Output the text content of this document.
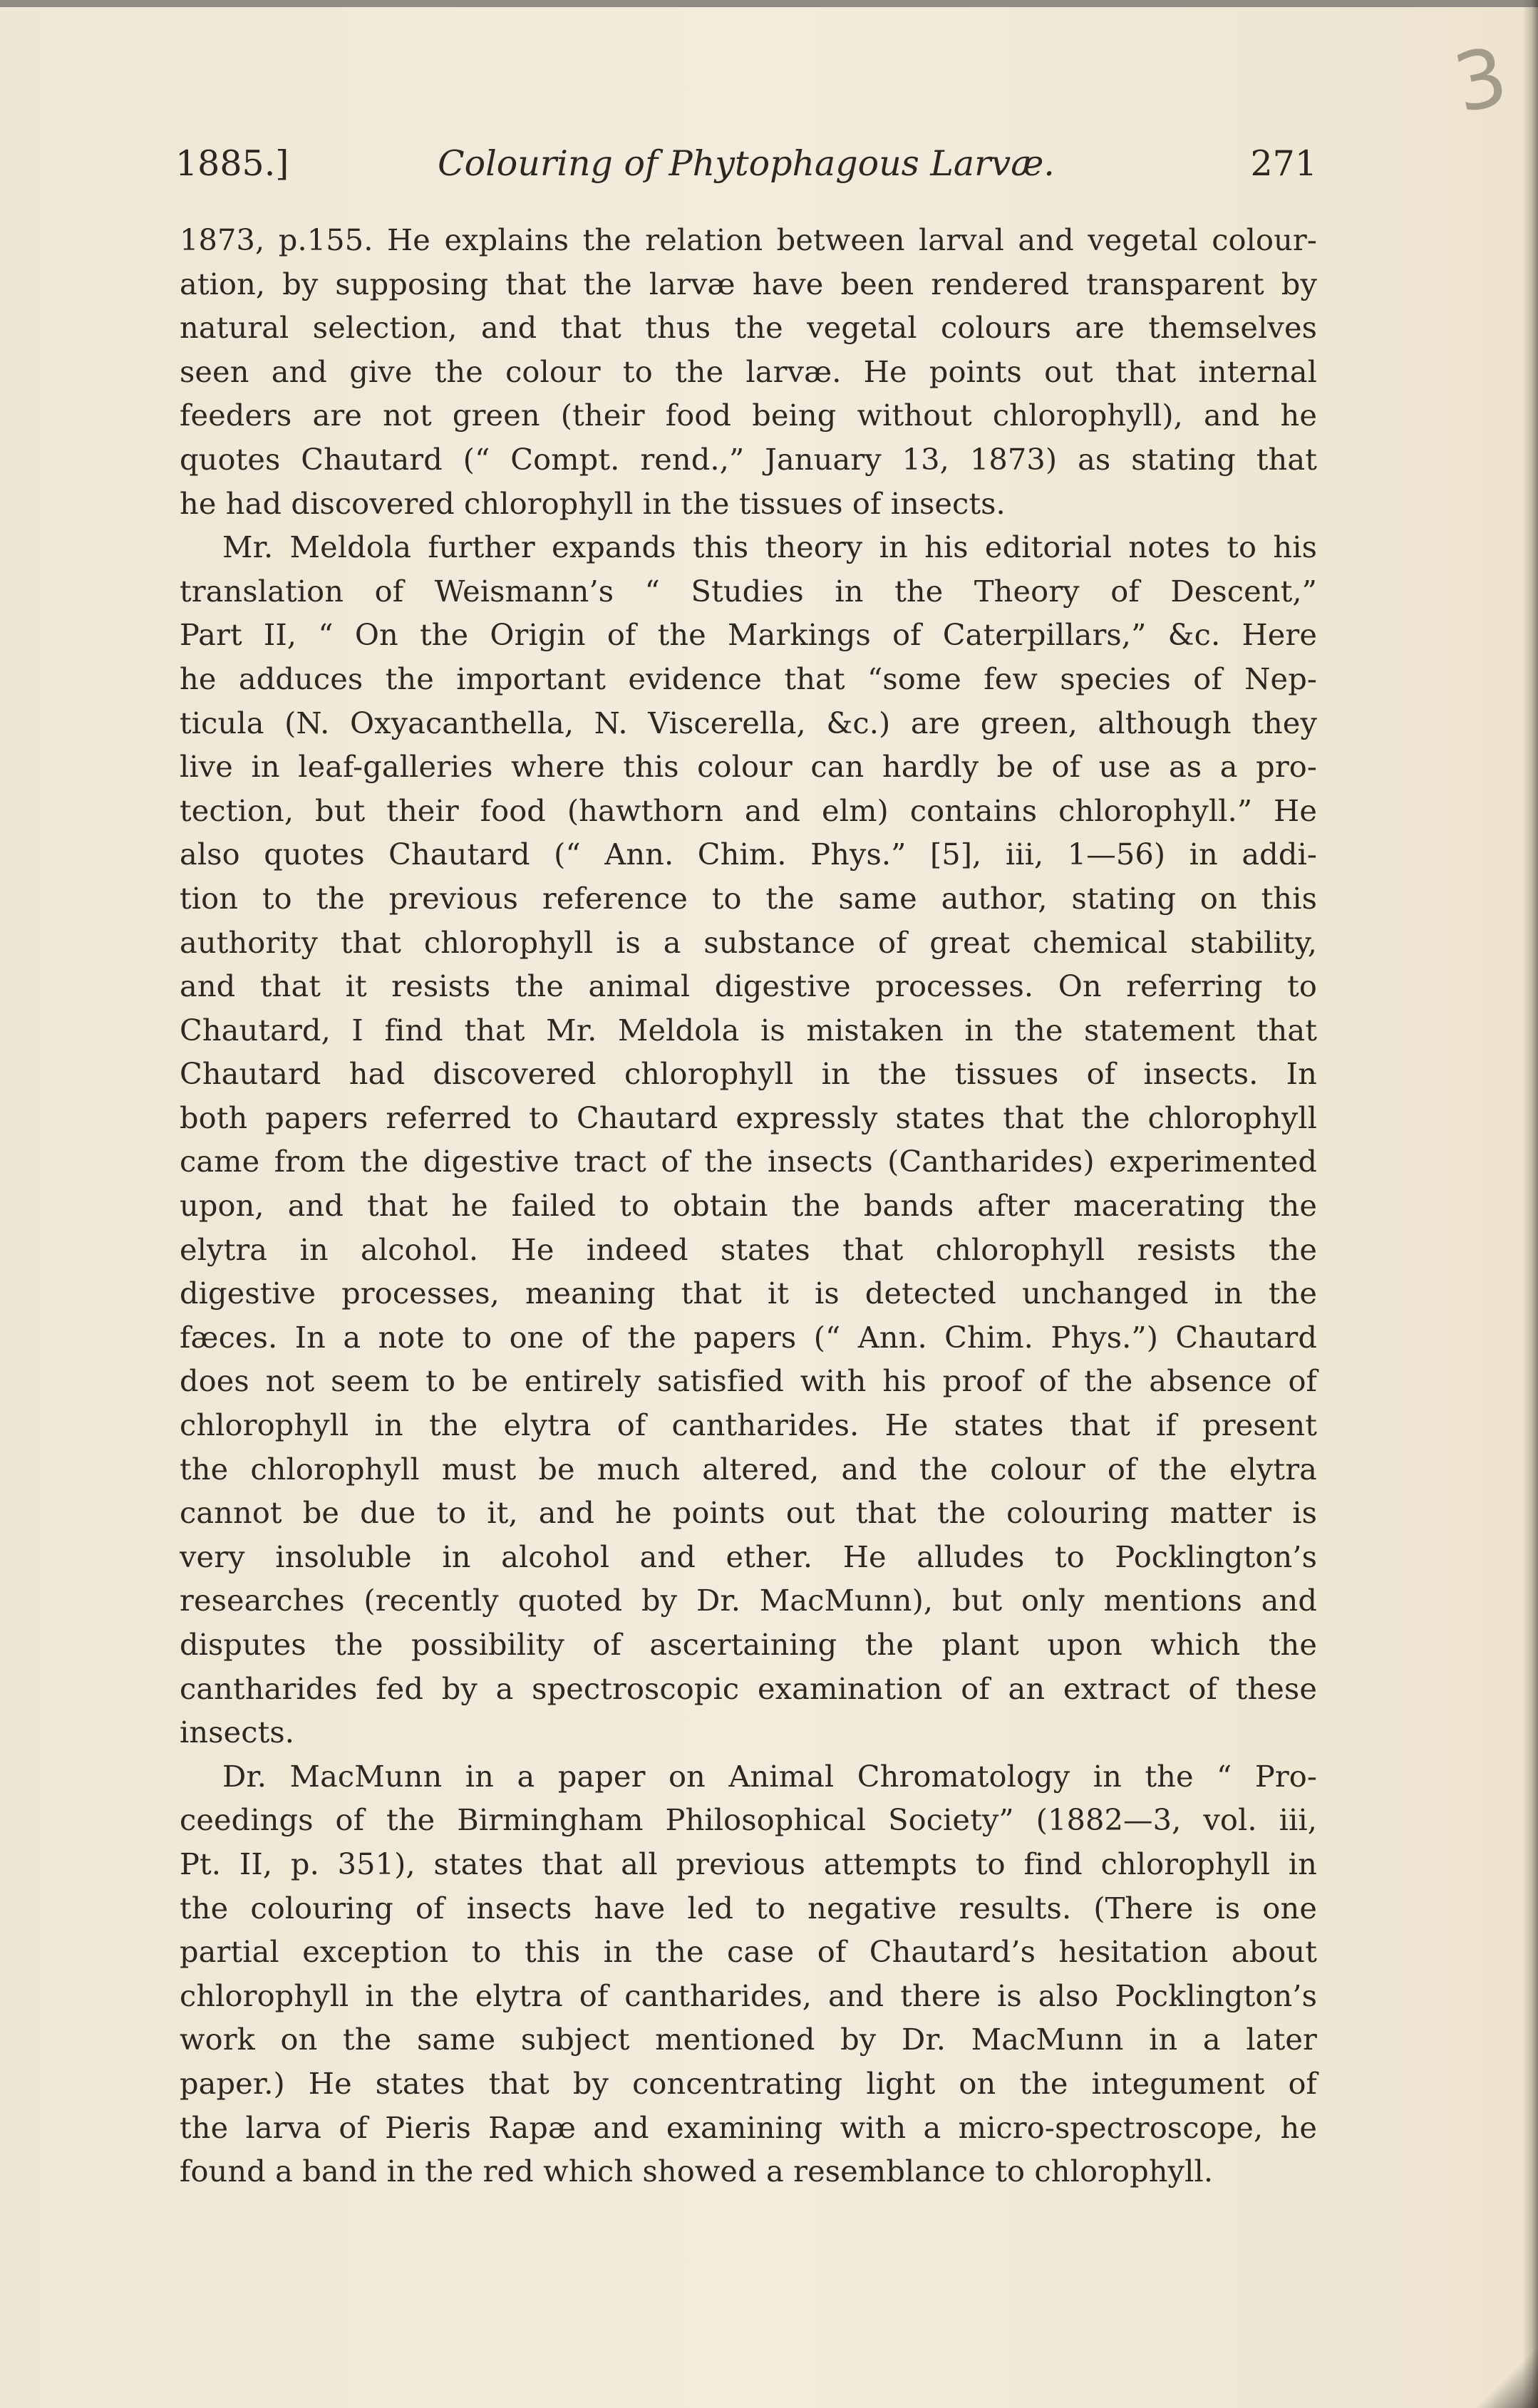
3
1885.]	Colouring of Phytophagous Larvæ.	271
1873, p.155. He explains the relation between larval and vegetal colour-
ation, by supposing that the larvæ have been rendered transparent by
natural selection, and that thus the vegetal colours are themselves
seen and give the colour to the larvæ. He points out that internal
feeders are not green (their food being without chlorophyll), and he
quotes Chautard (“ Compt. rend.,” January 13, 1873) as stating that
he had discovered chlorophyll in the tissues of insects.
Mr. Meldola further expands this theory in his editorial notes to his
translation of Weismann’s “ Studies in the Theory of Descent,”
Part II, “ On the Origin of the Markings of Caterpillars,” &c. Here
he adduces the important evidence that “some few species of Nep-
ticula (N. Oxyacanthella, N. Viscerella, &c.) are green, although they
live in leaf-galleries where this colour can hardly be of use as a pro-
tection, but their food (hawthorn and elm) contains chlorophyll.” He
also quotes Chautard (“ Ann. Chim. Phys.” [5], iii, 1—56) in addi-
tion to the previous reference to the same author, stating on this
authority that chlorophyll is a substance of great chemical stability,
and that it resists the animal digestive processes. On referring to
Chautard, I find that Mr. Meldola is mistaken in the statement that
Chautard had discovered chlorophyll in the tissues of insects. In
both papers referred to Chautard expressly states that the chlorophyll
came from the digestive tract of the insects (Cantharides) experimented
upon, and that he failed to obtain the bands after macerating the
elytra in alcohol. He indeed states that chlorophyll resists the
digestive processes, meaning that it is detected unchanged in the
fæces. In a note to one of the papers (“ Ann. Chim. Phys.”) Chautard
does not seem to be entirely satisfied with his proof of the absence of
chlorophyll in the elytra of cantharides. He states that if present
the chlorophyll must be much altered, and the colour of the elytra
cannot be due to it, and he points out that the colouring matter is
very insoluble in alcohol and ether. He alludes to Pocklington’s
researches (recently quoted by Dr. MacMunn), but only mentions and
disputes the possibility of ascertaining the plant upon which the
cantharides fed by a spectroscopic examination of an extract of these
insects.
Dr. MacMunn in a paper on Animal Chromatology in the “ Pro-
ceedings of the Birmingham Philosophical Society” (1882—3, vol. iii,
Pt. II, p. 351), states that all previous attempts to find chlorophyll in
the colouring of insects have led to negative results. (There is one
partial exception to this in the case of Chautard’s hesitation about
chlorophyll in the elytra of cantharides, and there is also Pocklington’s
work on the same subject mentioned by Dr. MacMunn in a later
paper.) He states that by concentrating light on the integument of
the larva of Pieris Rapæ and examining with a micro-spectroscope, he
found a band in the red which showed a resemblance to chlorophyll.
